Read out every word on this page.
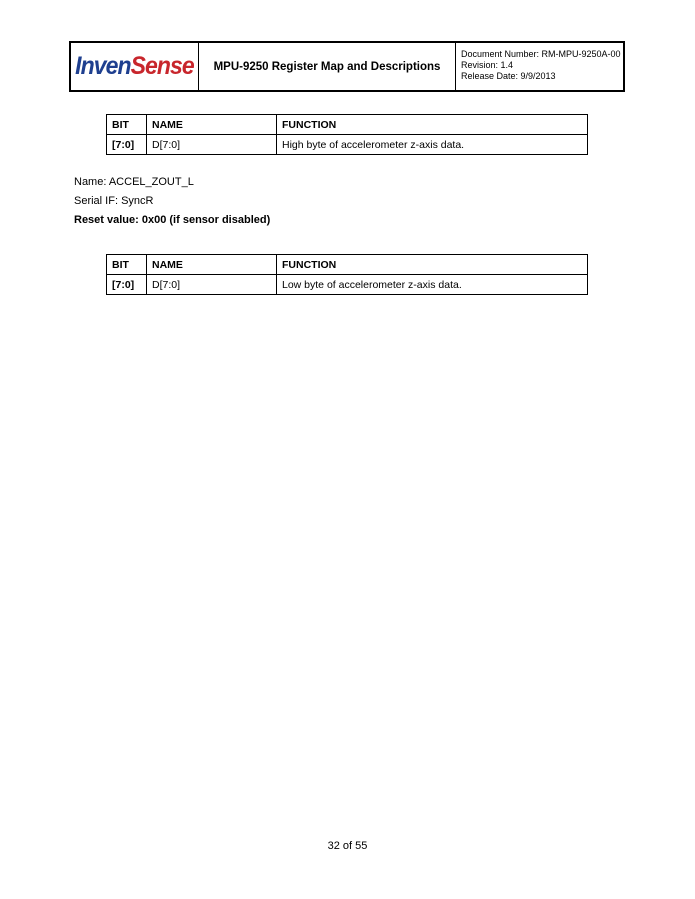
InvenSense	MPU-9250 Register Map and Descriptions
Document Number: RM-MPU-9250A-00
Revision: 1.4
Release Date: 9/9/2013
BIT	NAME	FUNCTION
[7:0]	D[7:0]	High byte of accelerometer z-axis data.
Name: ACCEL_ZOUT_L
Serial IF: SyncR
Reset value: 0x00 (if sensor disabled)
BIT	NAME	FUNCTION
[7:0]	D[7:0]	Low byte of accelerometer z-axis data.
32 of 55
